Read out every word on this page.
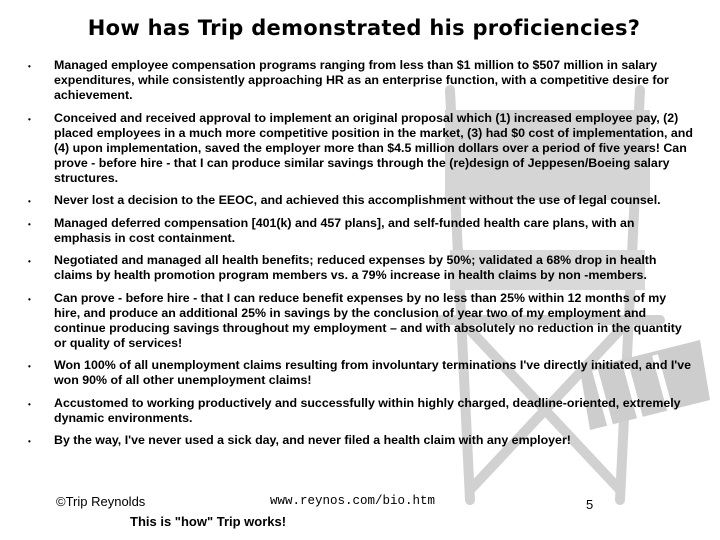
How has Trip demonstrated his proficiencies?
• Managed employee compensation programs ranging from less than $1 million to $507 million in salary expenditures, while consistently approaching HR as an enterprise function, with a competitive desire for achievement.
• Conceived and received approval to implement an original proposal which (1) increased employee pay, (2) placed employees in a much more competitive position in the market, (3) had $0 cost of implementation, and (4) upon implementation, saved the employer more than $4.5 million dollars over a period of five years! Can prove - before hire - that I can produce similar savings through the (re)design of Jeppesen/Boeing salary structures.
• Never lost a decision to the EEOC, and achieved this accomplishment without the use of legal counsel.
• Managed deferred compensation [401(k) and 457 plans], and self-funded health care plans, with an emphasis in cost containment.
• Negotiated and managed all health benefits; reduced expenses by 50%; validated a 68% drop in health claims by health promotion program members vs. a 79% increase in health claims by non -members.
• Can prove - before hire - that I can reduce benefit expenses by no less than 25% within 12 months of my hire, and produce an additional 25% in savings by the conclusion of year two of my employment and continue producing savings throughout my employment – and with absolutely no reduction in the quantity or quality of services!
• Won 100% of all unemployment claims resulting from involuntary terminations I've directly initiated, and I've won 90% of all other unemployment claims!
• Accustomed to working productively and successfully within highly charged, deadline-oriented, extremely dynamic environments.
• By the way, I've never used a sick day, and never filed a health claim with any employer!
©Trip Reynolds	www.reynos.com/bio.htm	5
This is "how" Trip works!
